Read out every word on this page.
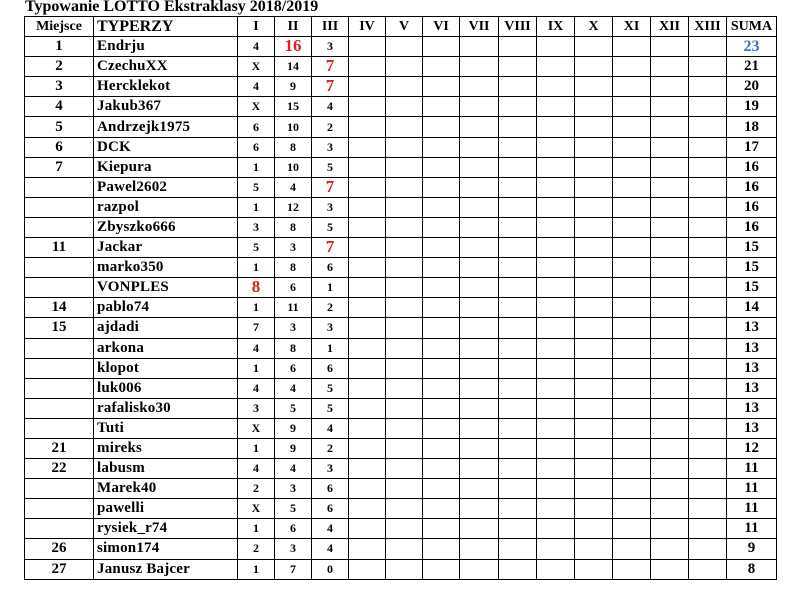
Typowanie LOTTO Ekstraklasy 2018/2019
Miejsce	TYPERZY	I	II	III	IV	V	VI	VII	VIII	IX	X	XI	XII	XIII	SUMA
1	Endrju	4	16	3											23
2	CzechuXX	X	14	7											21
3	Hercklekot	4	9	7											20
4	Jakub367	X	15	4											19
5	Andrzejk1975	6	10	2											18
6	DCK	6	8	3											17
7	Kiepura	1	10	5											16
	Pawel2602	5	4	7											16
	razpol	1	12	3											16
	Zbyszko666	3	8	5											16
11	Jackar	5	3	7											15
	marko350	1	8	6											15
	VONPLES	8	6	1											15
14	pablo74	1	11	2											14
15	ajdadi	7	3	3											13
	arkona	4	8	1											13
	klopot	1	6	6											13
	luk006	4	4	5											13
	rafalisko30	3	5	5											13
	Tuti	X	9	4											13
21	mireks	1	9	2											12
22	labusm	4	4	3											11
	Marek40	2	3	6											11
	pawelli	X	5	6											11
	rysiek_r74	1	6	4											11
26	simon174	2	3	4											9
27	Janusz Bajcer	1	7	0											8
